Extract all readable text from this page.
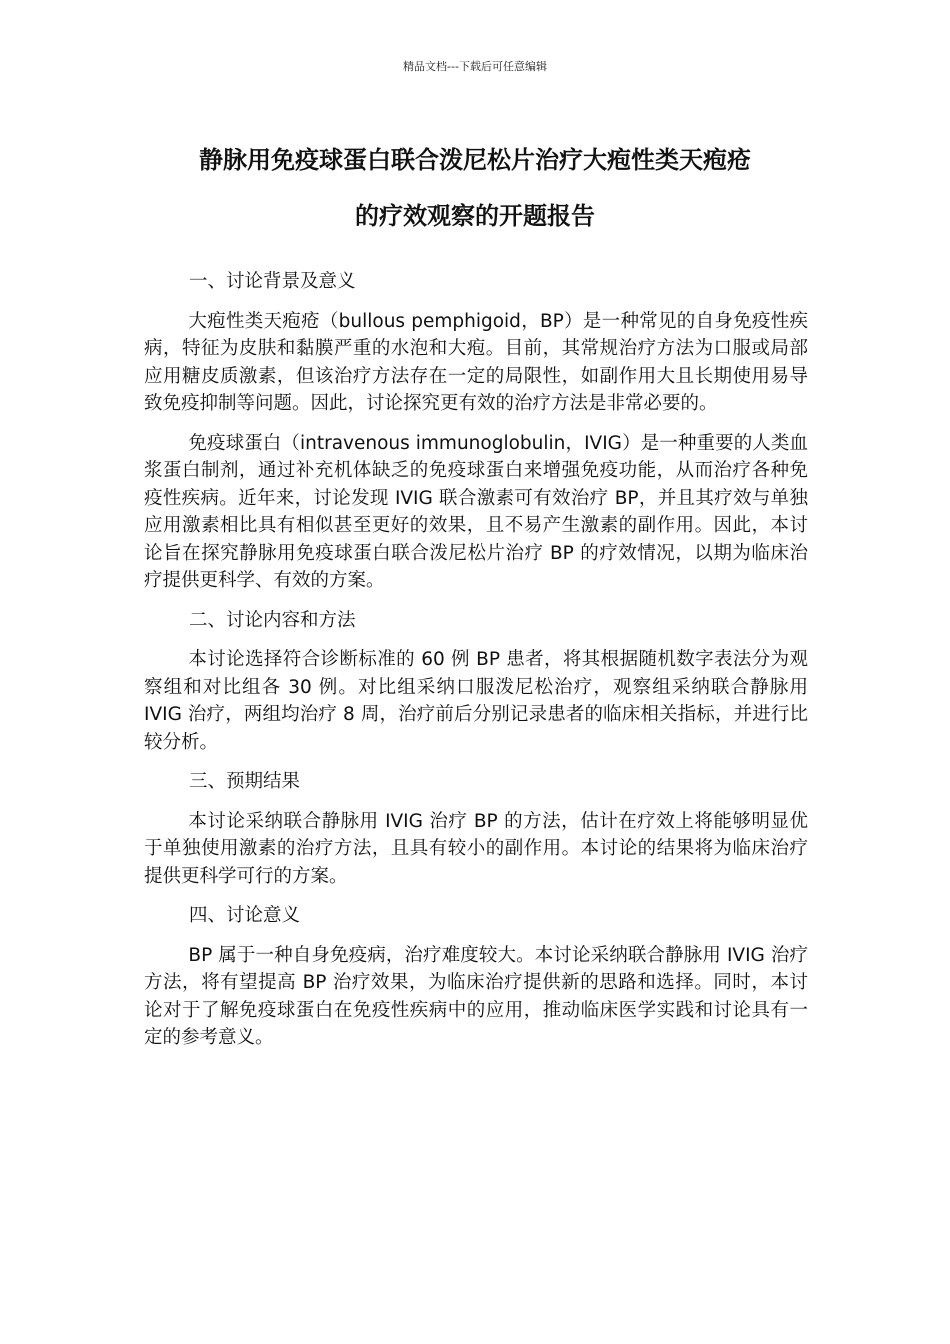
精品文档---下载后可任意编辑
静脉用免疫球蛋白联合泼尼松片治疗大疱性类天疱疮
的疗效观察的开题报告
一、讨论背景及意义

大疱性类天疱疮（bullous pemphigoid，BP）是一种常见的自身免疫性疾病，特征为皮肤和黏膜严重的水泡和大疱。目前，其常规治疗方法为口服或局部应用糖皮质激素，但该治疗方法存在一定的局限性，如副作用大且长期使用易导致免疫抑制等问题。因此，讨论探究更有效的治疗方法是非常必要的。

免疫球蛋白（intravenous immunoglobulin，IVIG）是一种重要的人类血浆蛋白制剂，通过补充机体缺乏的免疫球蛋白来增强免疫功能，从而治疗各种免疫性疾病。近年来，讨论发现 IVIG 联合激素可有效治疗 BP，并且其疗效与单独应用激素相比具有相似甚至更好的效果，且不易产生激素的副作用。因此，本讨论旨在探究静脉用免疫球蛋白联合泼尼松片治疗 BP 的疗效情况，以期为临床治疗提供更科学、有效的方案。

二、讨论内容和方法

本讨论选择符合诊断标准的 60 例 BP 患者，将其根据随机数字表法分为观察组和对比组各 30 例。对比组采纳口服泼尼松治疗，观察组采纳联合静脉用 IVIG 治疗，两组均治疗 8 周，治疗前后分别记录患者的临床相关指标，并进行比较分析。

三、预期结果

本讨论采纳联合静脉用 IVIG 治疗 BP 的方法，估计在疗效上将能够明显优于单独使用激素的治疗方法，且具有较小的副作用。本讨论的结果将为临床治疗提供更科学可行的方案。

四、讨论意义

BP 属于一种自身免疫病，治疗难度较大。本讨论采纳联合静脉用 IVIG 治疗方法，将有望提高 BP 治疗效果，为临床治疗提供新的思路和选择。同时，本讨论对于了解免疫球蛋白在免疫性疾病中的应用，推动临床医学实践和讨论具有一定的参考意义。
